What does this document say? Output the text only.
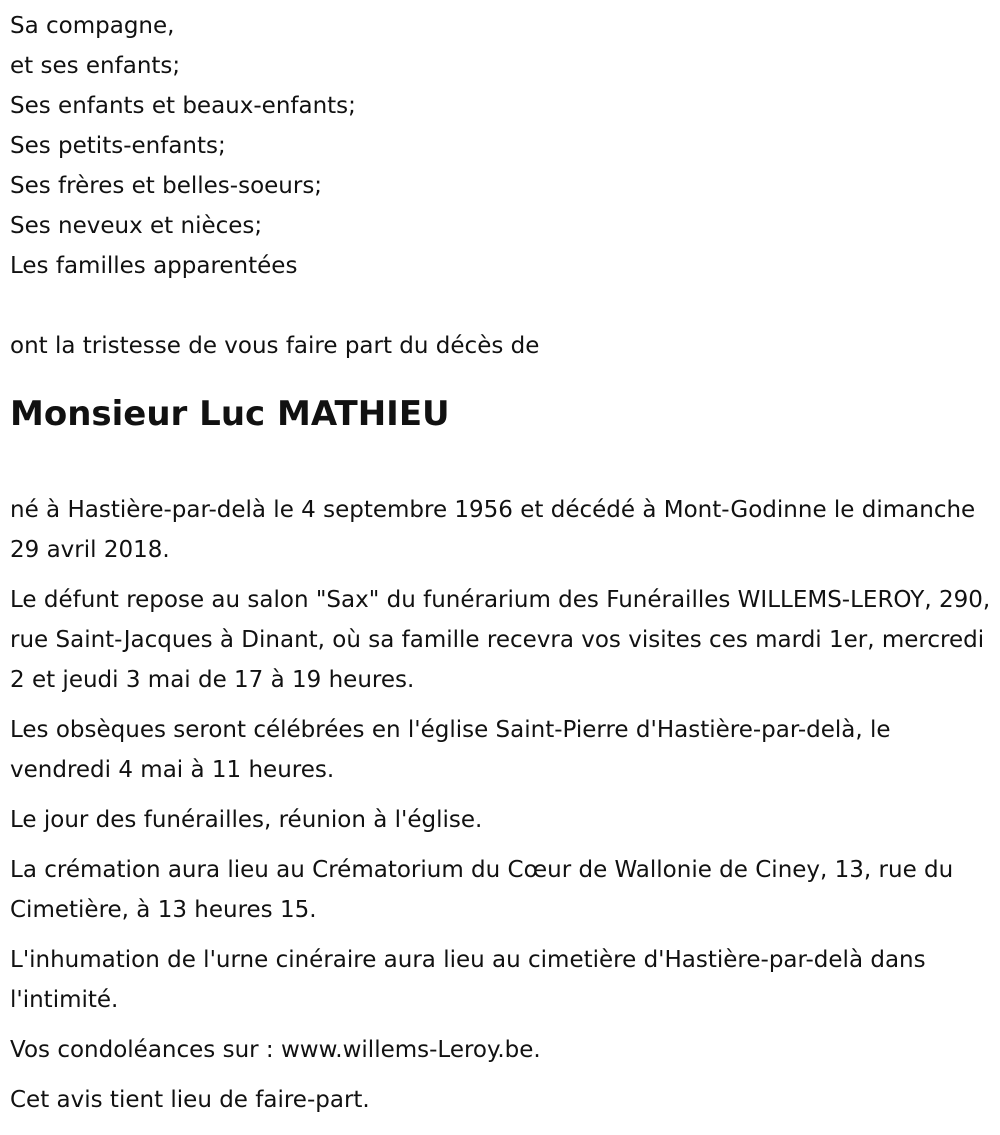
Sa compagne,
et ses enfants;
Ses enfants et beaux-enfants;
Ses petits-enfants;
Ses frères et belles-soeurs;
Ses neveux et nièces;
Les familles apparentées
ont la tristesse de vous faire part du décès de
Monsieur Luc MATHIEU

né à Hastière-par-delà le 4 septembre 1956 et décédé à Mont-Godinne le dimanche 29 avril 2018.

Le défunt repose au salon "Sax" du funérarium des Funérailles WILLEMS-LEROY, 290, rue Saint-Jacques à Dinant, où sa famille recevra vos visites ces mardi 1er, mercredi 2 et jeudi 3 mai de 17 à 19 heures.

Les obsèques seront célébrées en l'église Saint-Pierre d'Hastière-par-delà, le vendredi 4 mai à 11 heures.

Le jour des funérailles, réunion à l'église.

La crémation aura lieu au Crématorium du Cœur de Wallonie de Ciney, 13, rue du Cimetière, à 13 heures 15.

L'inhumation de l'urne cinéraire aura lieu au cimetière d'Hastière-par-delà dans l'intimité.

Vos condoléances sur : www.willems-Leroy.be.

Cet avis tient lieu de faire-part.
